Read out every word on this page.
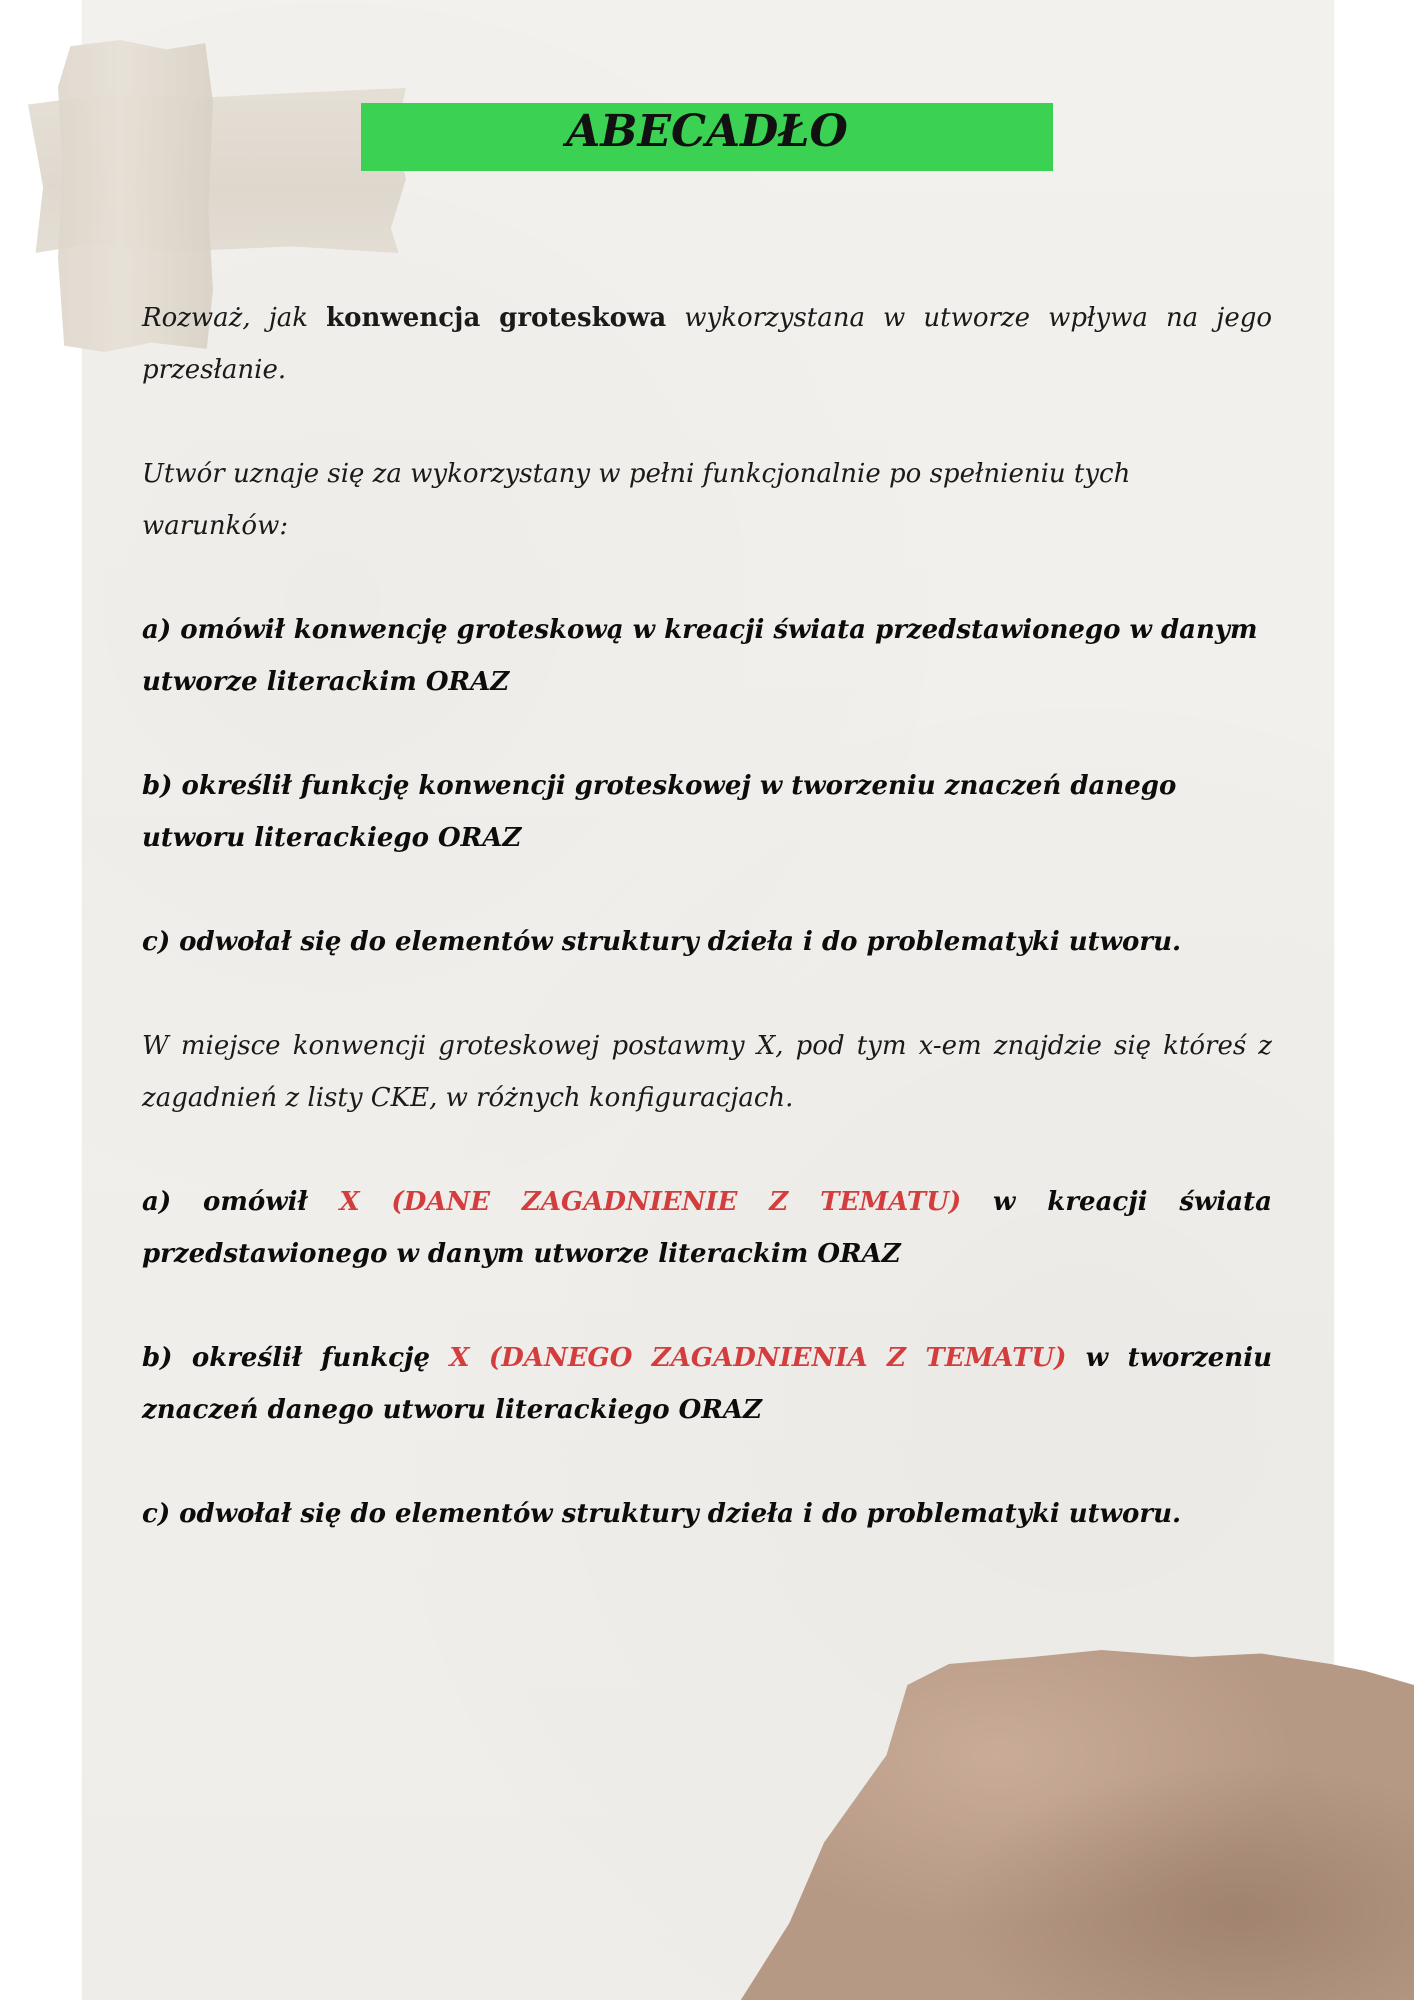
ABECADŁO

Rozważ, jak konwencja groteskowa wykorzystana w utworze wpływa na jego przesłanie.

Utwór uznaje się za wykorzystany w pełni funkcjonalnie po spełnieniu tych warunków:

a) omówił konwencję groteskową w kreacji świata przedstawionego w danym utworze literackim ORAZ

b) określił funkcję konwencji groteskowej w tworzeniu znaczeń danego utworu literackiego ORAZ

c) odwołał się do elementów struktury dzieła i do problematyki utworu.

W miejsce konwencji groteskowej postawmy X, pod tym x-em znajdzie się któreś z zagadnień z listy CKE, w różnych konfiguracjach.

a) omówił X (DANE ZAGADNIENIE Z TEMATU) w kreacji świata przedstawionego w danym utworze literackim ORAZ

b) określił funkcję X (DANEGO ZAGADNIENIA Z TEMATU) w tworzeniu znaczeń danego utworu literackiego ORAZ

c) odwołał się do elementów struktury dzieła i do problematyki utworu.
